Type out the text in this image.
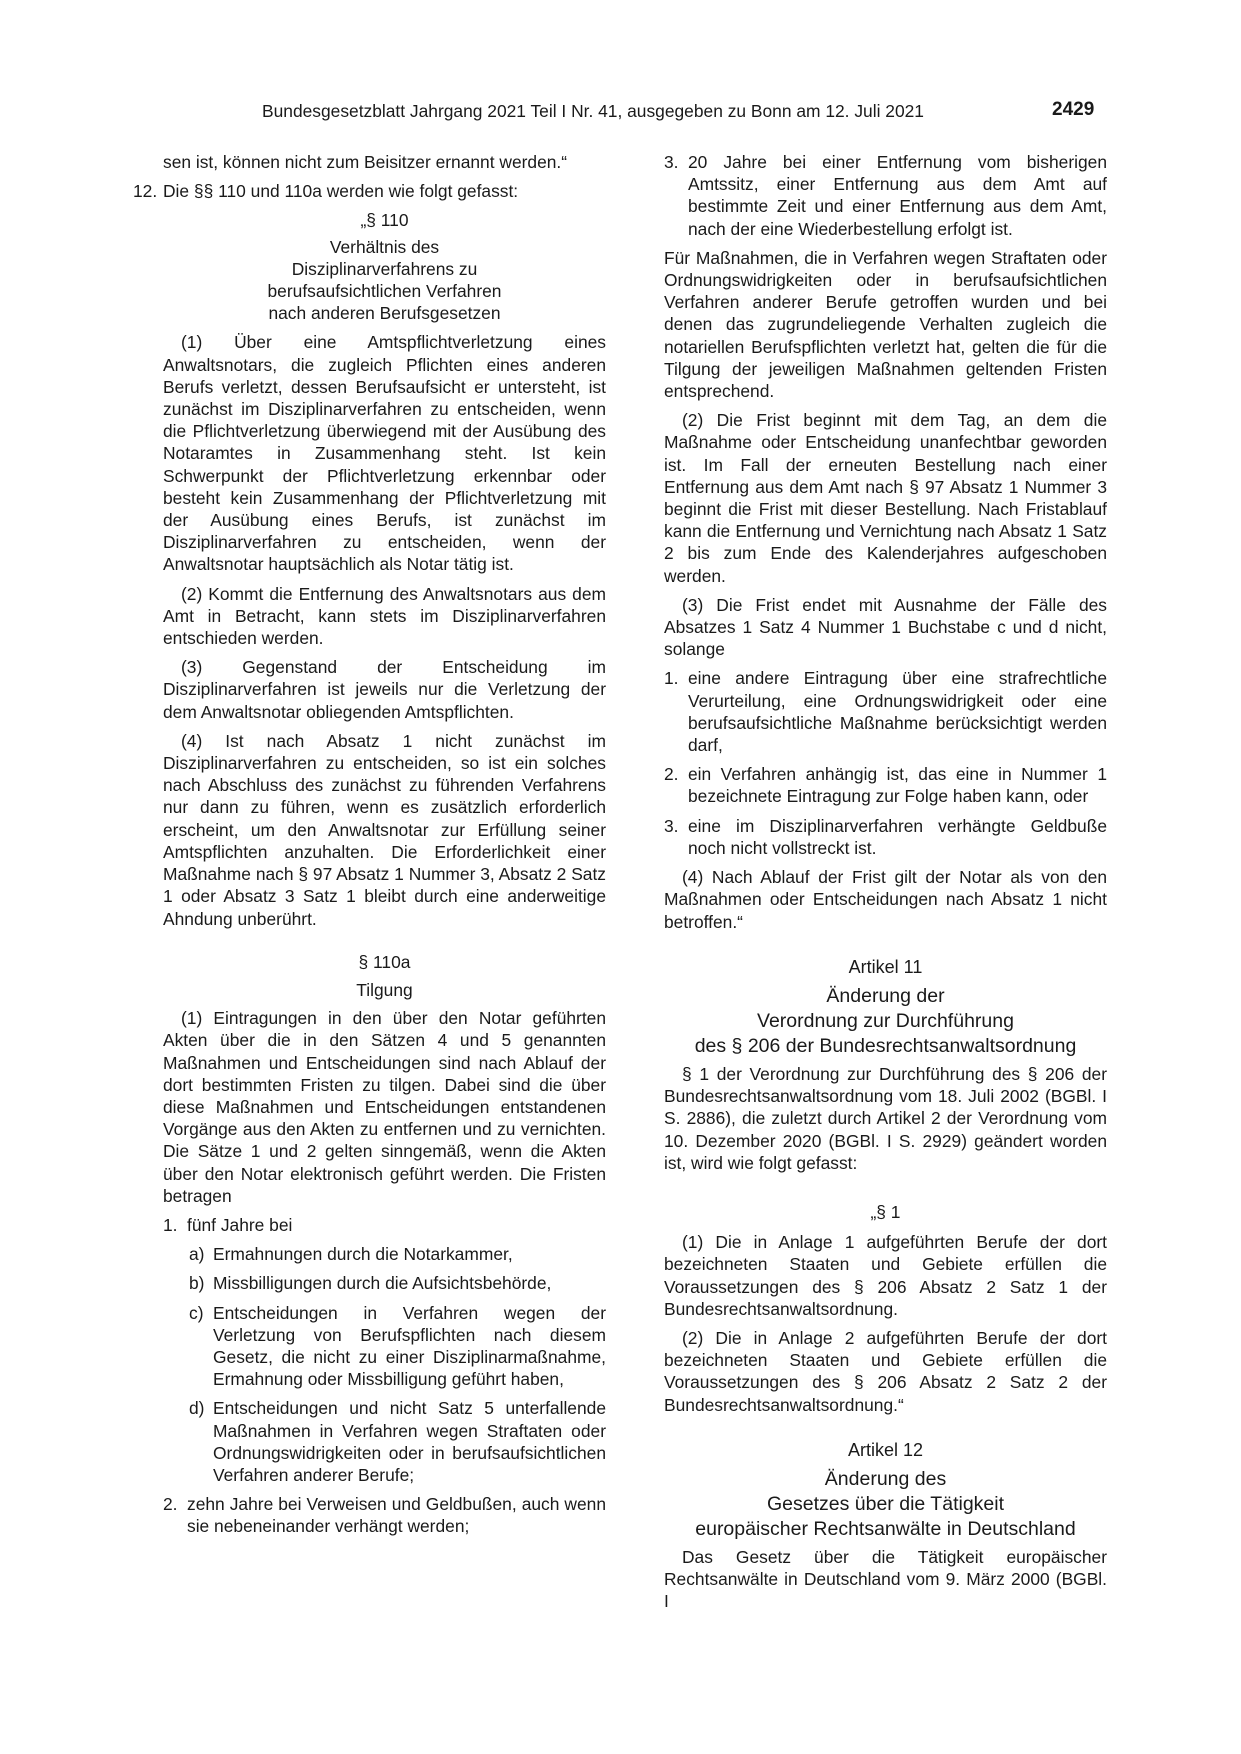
Bundesgesetzblatt Jahrgang 2021 Teil I Nr. 41, ausgegeben zu Bonn am 12. Juli 2021	2429

sen ist, können nicht zum Beisitzer ernannt werden.“

12. Die §§ 110 und 110a werden wie folgt gefasst:
„§ 110
Verhältnis des
Disziplinarverfahrens zu
berufsaufsichtlichen Verfahren
nach anderen Berufsgesetzen

(1) Über eine Amtspflichtverletzung eines Anwaltsnotars, die zugleich Pflichten eines anderen Berufs verletzt, dessen Berufsaufsicht er untersteht, ist zunächst im Disziplinarverfahren zu entscheiden, wenn die Pflichtverletzung überwiegend mit der Ausübung des Notaramtes in Zusammenhang steht. Ist kein Schwerpunkt der Pflichtverletzung erkennbar oder besteht kein Zusammenhang der Pflichtverletzung mit der Ausübung eines Berufs, ist zunächst im Disziplinarverfahren zu entscheiden, wenn der Anwaltsnotar hauptsächlich als Notar tätig ist.

(2) Kommt die Entfernung des Anwaltsnotars aus dem Amt in Betracht, kann stets im Disziplinarverfahren entschieden werden.

(3) Gegenstand der Entscheidung im Disziplinarverfahren ist jeweils nur die Verletzung der dem Anwaltsnotar obliegenden Amtspflichten.

(4) Ist nach Absatz 1 nicht zunächst im Disziplinarverfahren zu entscheiden, so ist ein solches nach Abschluss des zunächst zu führenden Verfahrens nur dann zu führen, wenn es zusätzlich erforderlich erscheint, um den Anwaltsnotar zur Erfüllung seiner Amtspflichten anzuhalten. Die Erforderlichkeit einer Maßnahme nach § 97 Absatz 1 Nummer 3, Absatz 2 Satz 1 oder Absatz 3 Satz 1 bleibt durch eine anderweitige Ahndung unberührt.

§ 110a
Tilgung

(1) Eintragungen in den über den Notar geführten Akten über die in den Sätzen 4 und 5 genannten Maßnahmen und Entscheidungen sind nach Ablauf der dort bestimmten Fristen zu tilgen. Dabei sind die über diese Maßnahmen und Entscheidungen entstandenen Vorgänge aus den Akten zu entfernen und zu vernichten. Die Sätze 1 und 2 gelten sinngemäß, wenn die Akten über den Notar elektronisch geführt werden. Die Fristen betragen

1. fünf Jahre bei
a) Ermahnungen durch die Notarkammer,
b) Missbilligungen durch die Aufsichtsbehörde,
c) Entscheidungen in Verfahren wegen der Verletzung von Berufspflichten nach diesem Gesetz, die nicht zu einer Disziplinarmaßnahme, Ermahnung oder Missbilligung geführt haben,
d) Entscheidungen und nicht Satz 5 unterfallende Maßnahmen in Verfahren wegen Straftaten oder Ordnungswidrigkeiten oder in berufsaufsichtlichen Verfahren anderer Berufe;
2. zehn Jahre bei Verweisen und Geldbußen, auch wenn sie nebeneinander verhängt werden;
3. 20 Jahre bei einer Entfernung vom bisherigen Amtssitz, einer Entfernung aus dem Amt auf bestimmte Zeit und einer Entfernung aus dem Amt, nach der eine Wiederbestellung erfolgt ist.

Für Maßnahmen, die in Verfahren wegen Straftaten oder Ordnungswidrigkeiten oder in berufsaufsichtlichen Verfahren anderer Berufe getroffen wurden und bei denen das zugrundeliegende Verhalten zugleich die notariellen Berufspflichten verletzt hat, gelten die für die Tilgung der jeweiligen Maßnahmen geltenden Fristen entsprechend.

(2) Die Frist beginnt mit dem Tag, an dem die Maßnahme oder Entscheidung unanfechtbar geworden ist. Im Fall der erneuten Bestellung nach einer Entfernung aus dem Amt nach § 97 Absatz 1 Nummer 3 beginnt die Frist mit dieser Bestellung. Nach Fristablauf kann die Entfernung und Vernichtung nach Absatz 1 Satz 2 bis zum Ende des Kalenderjahres aufgeschoben werden.

(3) Die Frist endet mit Ausnahme der Fälle des Absatzes 1 Satz 4 Nummer 1 Buchstabe c und d nicht, solange

1. eine andere Eintragung über eine strafrechtliche Verurteilung, eine Ordnungswidrigkeit oder eine berufsaufsichtliche Maßnahme berücksichtigt werden darf,
2. ein Verfahren anhängig ist, das eine in Nummer 1 bezeichnete Eintragung zur Folge haben kann, oder
3. eine im Disziplinarverfahren verhängte Geldbuße noch nicht vollstreckt ist.

(4) Nach Ablauf der Frist gilt der Notar als von den Maßnahmen oder Entscheidungen nach Absatz 1 nicht betroffen.“

Artikel 11
Änderung der
Verordnung zur Durchführung
des § 206 der Bundesrechtsanwaltsordnung

§ 1 der Verordnung zur Durchführung des § 206 der Bundesrechtsanwaltsordnung vom 18. Juli 2002 (BGBl. I S. 2886), die zuletzt durch Artikel 2 der Verordnung vom 10. Dezember 2020 (BGBl. I S. 2929) geändert worden ist, wird wie folgt gefasst:

„§ 1

(1) Die in Anlage 1 aufgeführten Berufe der dort bezeichneten Staaten und Gebiete erfüllen die Voraussetzungen des § 206 Absatz 2 Satz 1 der Bundesrechtsanwaltsordnung.

(2) Die in Anlage 2 aufgeführten Berufe der dort bezeichneten Staaten und Gebiete erfüllen die Voraussetzungen des § 206 Absatz 2 Satz 2 der Bundesrechtsanwaltsordnung.“

Artikel 12
Änderung des
Gesetzes über die Tätigkeit
europäischer Rechtsanwälte in Deutschland

Das Gesetz über die Tätigkeit europäischer Rechtsanwälte in Deutschland vom 9. März 2000 (BGBl. I
